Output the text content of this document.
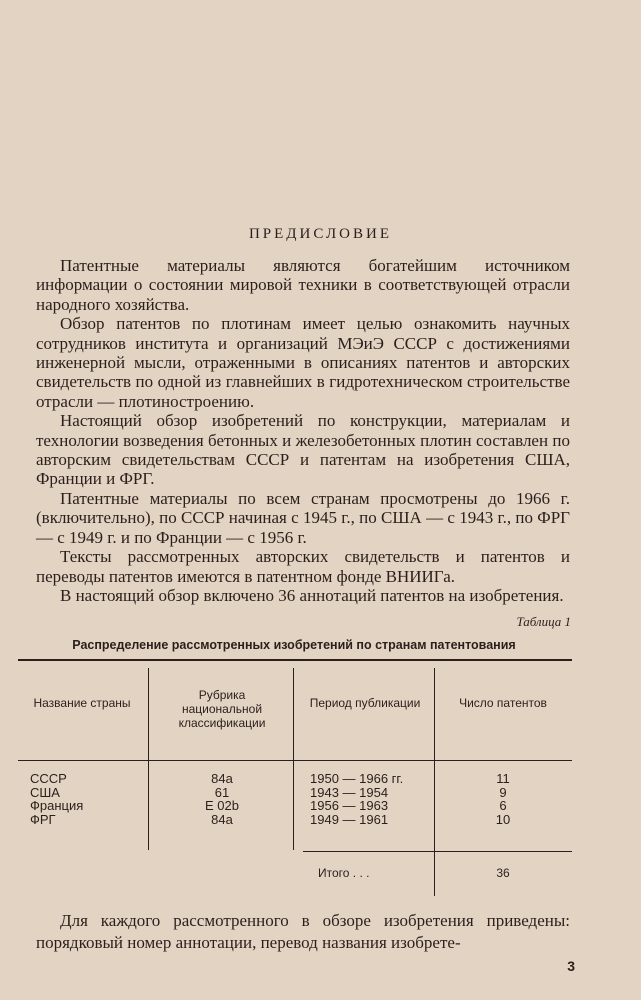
ПРЕДИСЛОВИЕ

Патентные материалы являются богатейшим источником информации о состоянии мировой техники в соответствующей отрасли народного хозяйства.

Обзор патентов по плотинам имеет целью ознакомить научных сотрудников института и организаций МЭиЭ СССР с достижениями инженерной мысли, отраженными в описаниях патентов и авторских свидетельств по одной из главнейших в гидротехническом строительстве отрасли — плотиностроению.

Настоящий обзор изобретений по конструкции, материалам и технологии возведения бетонных и железобетонных плотин составлен по авторским свидетельствам СССР и патентам на изобретения США, Франции и ФРГ.

Патентные материалы по всем странам просмотрены до 1966 г. (включительно), по СССР начиная с 1945 г., по США — с 1943 г., по ФРГ — с 1949 г. и по Франции — с 1956 г.

Тексты рассмотренных авторских свидетельств и патентов и переводы патентов имеются в патентном фонде ВНИИГа.

В настоящий обзор включено 36 аннотаций патентов на изобретения.

Таблица 1
Распределение рассмотренных изобретений по странам патентования
Название страны
Рубрика национальной классификации
Период публикации	Число патентов
СССР
США
Франция
ФРГ
84a
61
E 02b
84a
1950 — 1966 гг.
1943 — 1954
1956 — 1963
1949 — 1961
11
9
6
10
Итого . . .	36

Для каждого рассмотренного в обзоре изобретения приведены: порядковый номер аннотации, перевод названия изобрете-

3
